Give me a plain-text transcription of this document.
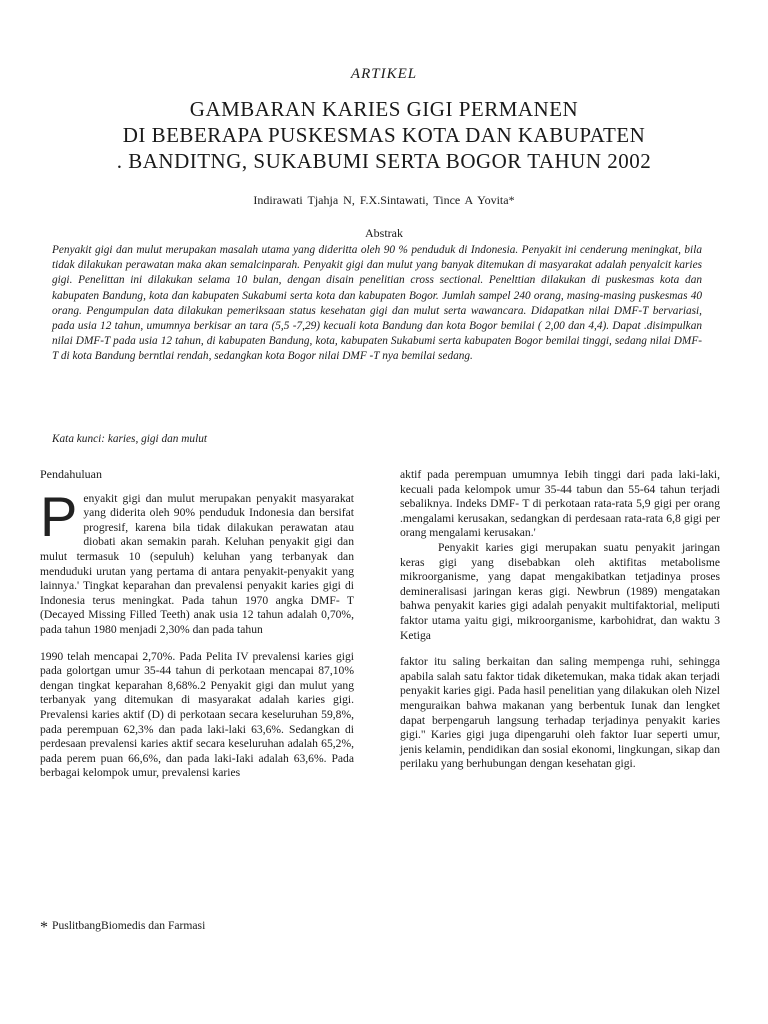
ARTIKEL
GAMBARAN KARIES GIGI PERMANEN
DI BEBERAPA PUSKESMAS KOTA DAN KABUPATEN
. BANDITNG, SUKABUMI SERTA BOGOR TAHUN 2002
Indirawati Tjahja N, F.X.Sintawati, Tince A Yovita*
Abstrak
Penyakit gigi dan mulut merupakan masalah utama yang dideritta oleh 90 % penduduk di Indonesia. Penyakit ini cenderung meningkat, bila tidak dilakukan perawatan maka akan semalcinparah. Penyakit gigi dan mulut yang banyak ditemukan di masyarakat adalah penyalcit karies gigi. Penelittan ini dilakukan selama 10 bulan, dengan disain penelitian cross sectional. Penelttian dilakukan di puskesmas kota dan kabupaten Bandung, kota dan kabupaten Sukabumi serta kota dan kabupaten Bogor. Jumlah sampel 240 orang, masing-masing puskesmas 40 orang. Pengumpulan data dilakukan pemeriksaan status kesehatan gigi dan mulut serta wawancara. Didapatkan nilai DMF-T bervariasi, pada usia 12 tahun, umumnya berkisar an tara (5,5 -7,29) kecuali kota Bandung dan kota Bogor bemilai ( 2,00 dan 4,4). Dapat .disimpulkan nilai DMF-T pada usia 12 tahun, di kabupaten Bandung, kota, kabupaten Sukabumi serta kabupaten Bogor bemilai tinggi, sedang nilai DMF- T di kota Bandung berntlai rendah, sedangkan kota Bogor nilai DMF -T nya bemilai sedang.
Kata kunci: karies, gigi dan mulut
Pendahuluan
P enyakit gigi dan mulut merupakan penyakit masyarakat yang diderita oleh 90% penduduk Indonesia dan bersifat progresif, karena bila tidak dilakukan perawatan atau diobati akan semakin parah. Keluhan penyakit gigi dan mulut termasuk 10 (sepuluh) keluhan yang terbanyak dan menduduki urutan yang pertama di antara penyakit-penyakit yang lainnya.' Tingkat keparahan dan prevalensi penyakit karies gigi di Indonesia terus meningkat. Pada tahun 1970 angka DMF- T (Decayed Missing Filled Teeth) anak usia 12 tahun adalah 0,70%, pada tahun 1980 menjadi 2,30% dan pada tahun

1990 telah mencapai 2,70%. Pada Pelita IV prevalensi karies gigi pada golortgan umur 35-44 tahun di perkotaan mencapai 87,10% dengan tingkat keparahan 8,68%.2 Penyakit gigi dan mulut yang terbanyak yang ditemukan di masyarakat adalah karies gigi. Prevalensi karies aktif (D) di perkotaan secara keseluruhan 59,8%, pada perempuan 62,3% dan pada laki-laki 63,6%. Sedangkan di perdesaan prevalensi karies aktif secara keseluruhan adalah 65,2%, pada perem puan 66,6%, dan pada laki-Iaki adalah 63,6%. Pada berbagai kelompok umur, prevalensi karies

aktif pada perempuan umumnya Iebih tinggi dari pada laki-laki, kecuali pada kelompok umur 35-44 tabun dan 55-64 tahun terjadi sebaliknya. Indeks DMF- T di perkotaan rata-rata 5,9 gigi per orang .mengalami kerusakan, sedangkan di perdesaan rata-rata 6,8 gigi per orang mengalami kerusakan.'

Penyakit karies gigi merupakan suatu penyakit jaringan keras gigi yang disebabkan oleh aktifitas metabolisme mikroorganisme, yang dapat mengakibatkan tetjadinya proses demineralisasi jaringan keras gigi. Newbrun (1989) mengatakan bahwa penyakit karies gigi adalah penyakit multifaktorial, meliputi faktor utama yaitu gigi, mikroorganisme, karbohidrat, dan waktu 3 Ketiga

faktor itu saling berkaitan dan saling mempenga ruhi, sehingga apabila salah satu faktor tidak diketemukan, maka tidak akan terjadi penyakit karies gigi. Pada hasil penelitian yang dilakukan oleh Nizel menguraikan bahwa makanan yang berbentuk Iunak dan lengket dapat berpengaruh langsung terhadap terjadinya penyakit karies gigi." Karies gigi juga dipengaruhi oleh faktor Iuar seperti umur, jenis kelamin, pendidikan dan sosial ekonomi, lingkungan, sikap dan perilaku yang berhubungan dengan kesehatan gigi.

* PuslitbangBiomedis dan Farmasi
